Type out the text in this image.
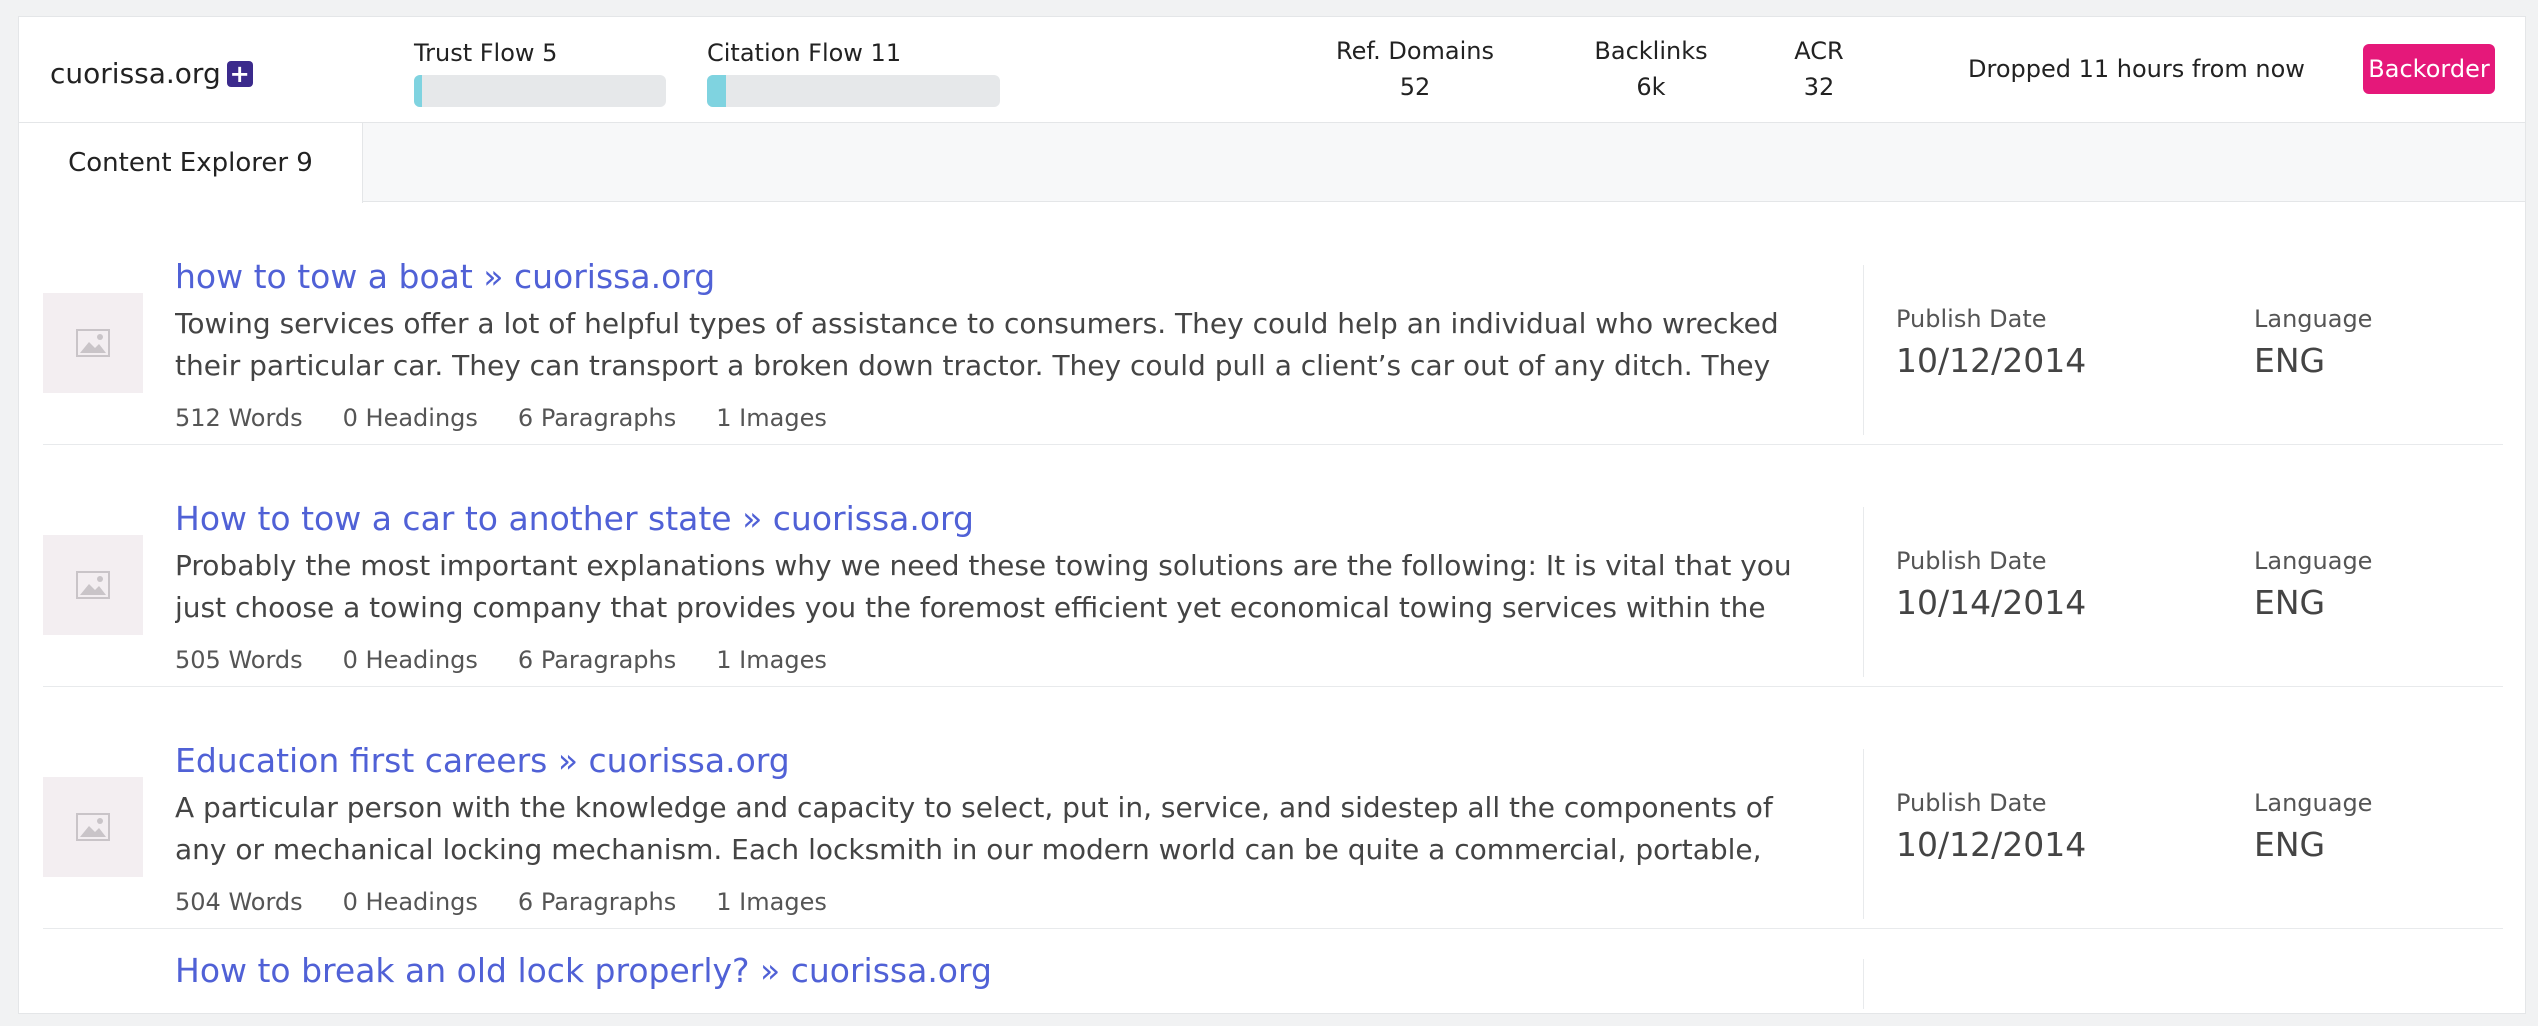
cuorissa.org +
Trust Flow 5	Citation Flow 11	Ref. Domains
52
Backlinks
6k
ACR
32
Dropped 11 hours from now	Backorder
Content Explorer 9
how to tow a boat » cuorissa.org
Towing services offer a lot of helpful types of assistance to consumers. They could help an individual who wrecked their particular car. They can transport a broken down tractor. They could pull a client’s car out of any ditch. They
512 Words 0 Headings 6 Paragraphs 1 Images
Publish Date
10/12/2014
Language
ENG
How to tow a car to another state » cuorissa.org
Probably the most important explanations why we need these towing solutions are the following: It is vital that you just choose a towing company that provides you the foremost efficient yet economical towing services within the
505 Words 0 Headings 6 Paragraphs 1 Images
Publish Date
10/14/2014
Language
ENG
Education first careers » cuorissa.org
A particular person with the knowledge and capacity to select, put in, service, and sidestep all the components of any or mechanical locking mechanism. Each locksmith in our modern world can be quite a commercial, portable,
504 Words 0 Headings 6 Paragraphs 1 Images
Publish Date
10/12/2014
Language
ENG
How to break an old lock properly? » cuorissa.org
